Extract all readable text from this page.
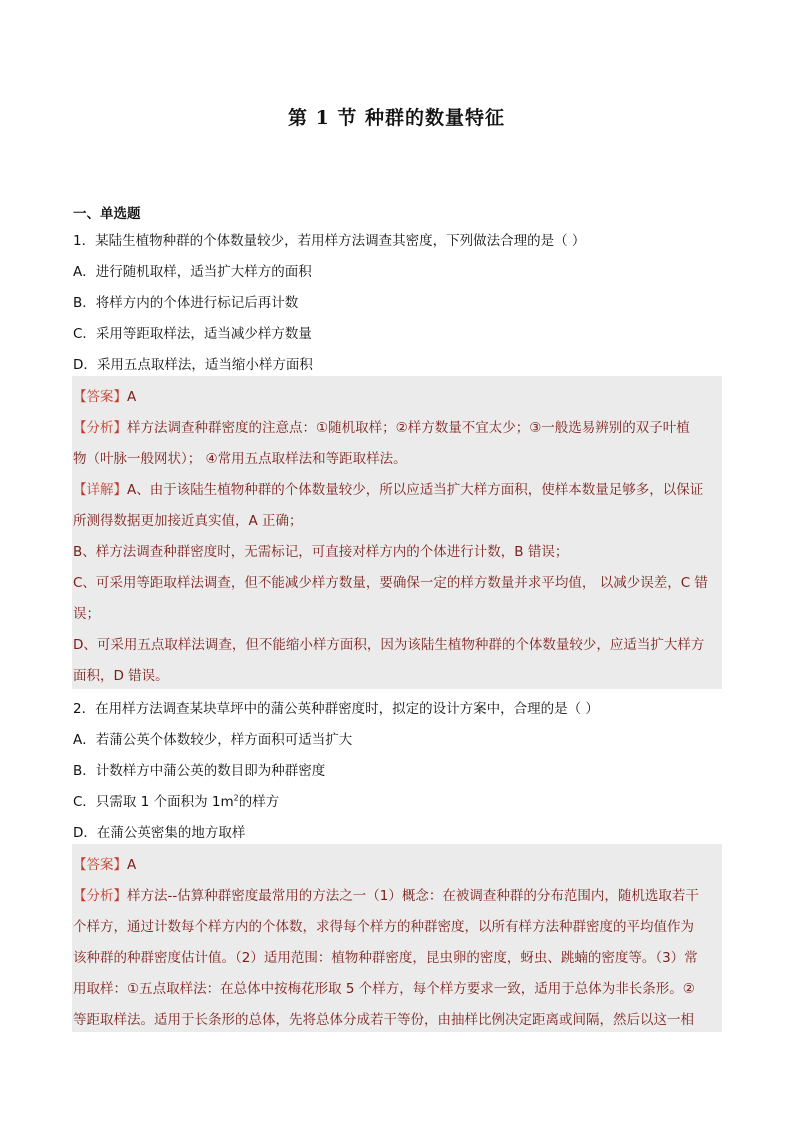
第 1 节 种群的数量特征
一、单选题
1．某陆生植物种群的个体数量较少，若用样方法调查其密度，下列做法合理的是（ ）
A．进行随机取样，适当扩大样方的面积
B．将样方内的个体进行标记后再计数
C．采用等距取样法，适当减少样方数量
D．采用五点取样法，适当缩小样方面积
【答案】A
【分析】样方法调查种群密度的注意点：①随机取样；②样方数量不宜太少；③一般选易辨别的双子叶植
物（叶脉一般网状）； ④常用五点取样法和等距取样法。
【详解】A、由于该陆生植物种群的个体数量较少，所以应适当扩大样方面积，使样本数量足够多，以保证
所测得数据更加接近真实值，A 正确；
B、样方法调查种群密度时，无需标记，可直接对样方内的个体进行计数，B 错误；
C、可采用等距取样法调查，但不能减少样方数量，要确保一定的样方数量并求平均值， 以减少误差，C 错
误；
D、可采用五点取样法调查，但不能缩小样方面积，因为该陆生植物种群的个体数量较少，应适当扩大样方
面积，D 错误。
2．在用样方法调查某块草坪中的蒲公英种群密度时，拟定的设计方案中，合理的是（ ）
A．若蒲公英个体数较少，样方面积可适当扩大
B．计数样方中蒲公英的数目即为种群密度
C．只需取 1 个面积为 $1m^2$的样方
D．在蒲公英密集的地方取样
【答案】A
【分析】样方法--估算种群密度最常用的方法之一（1）概念：在被调查种群的分布范围内，随机选取若干
个样方，通过计数每个样方内的个体数，求得每个样方的种群密度，以所有样方法种群密度的平均值作为
该种群的种群密度估计值。（2）适用范围：植物种群密度，昆虫卵的密度，蚜虫、跳蝻的密度等。（3）常
用取样：①五点取样法：在总体中按梅花形取 5 个样方，每个样方要求一致，适用于总体为非长条形。②
等距取样法。适用于长条形的总体，先将总体分成若干等份，由抽样比例决定距离或间隔，然后以这一相
